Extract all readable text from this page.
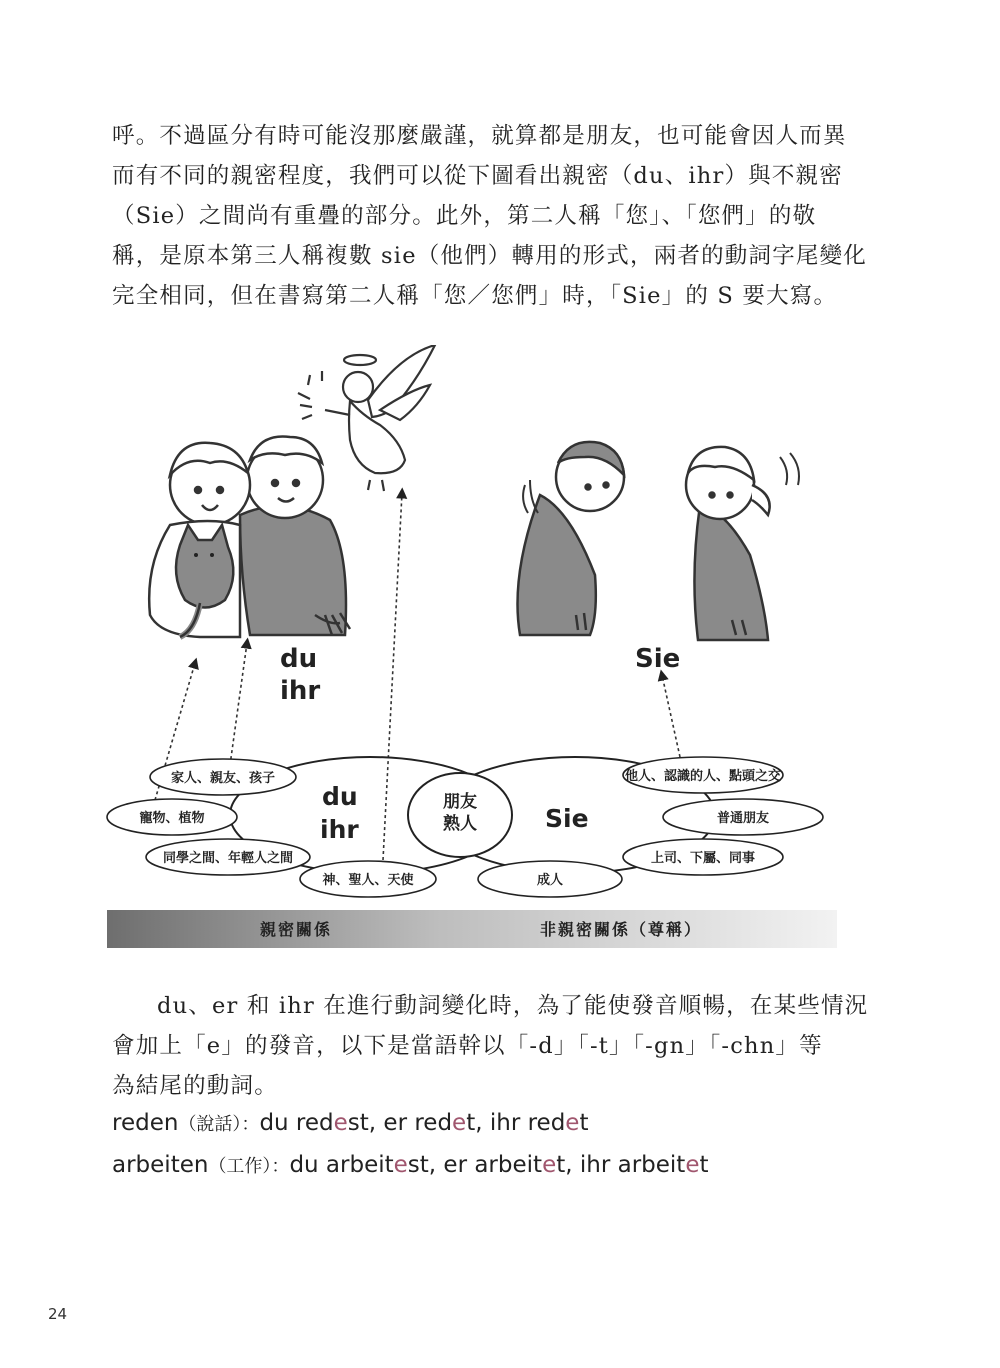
呼。不過區分有時可能沒那麼嚴謹，就算都是朋友，也可能會因人而異
而有不同的親密程度，我們可以從下圖看出親密（du、ihr）與不親密
（Sie）之間尚有重疊的部分。此外，第二人稱「您」、「您們」的敬
稱，是原本第三人稱複數 sie（他們）轉用的形式，兩者的動詞字尾變化
完全相同，但在書寫第二人稱「您／您們」時，「Sie」的 S 要大寫。

du
ihr
Sie
du
ihr	Sie
朋友
熟人
家人、親友、孩子
寵物、植物
同學之間、年輕人之間
神、聖人、天使
他人、認識的人、點頭之交
普通朋友
上司、下屬、同事
成人
親密關係	非親密關係（尊稱）

du、er 和 ihr 在進行動詞變化時，為了能使發音順暢，在某些情況
會加上「e」的發音，以下是當語幹以「-d」「-t」「-gn」「-chn」等
為結尾的動詞。

reden（說話）：du redest, er redet, ihr redet
arbeiten（工作）：du arbeitest, er arbeitet, ihr arbeitet
24
